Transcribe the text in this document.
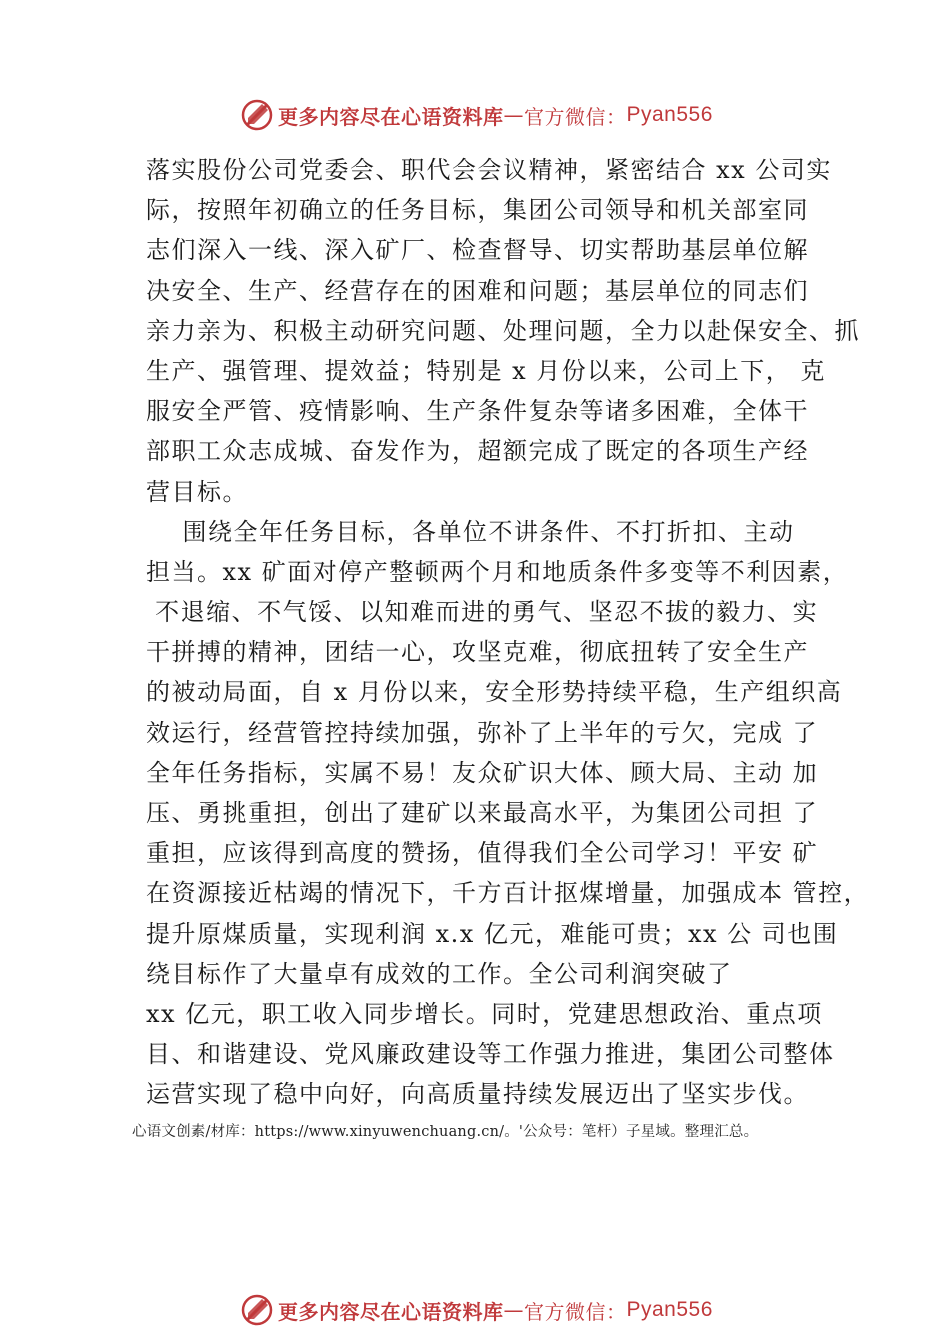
更多内容尽在心语资料库 — 官方微信： Pyan556
落实股份公司党委会、职代会会议精神，紧密结合 xx 公司实
际，按照年初确立的任务目标，集团公司领导和机关部室同
志们深入一线、深入矿厂、检查督导、切实帮助基层单位解
决安全、生产、经营存在的困难和问题；基层单位的同志们
亲力亲为、积极主动研究问题、处理问题，全力以赴保安全、抓
生产、强管理、提效益；特别是 x 月份以来，公司上下， 克
服安全严管、疫情影响、生产条件复杂等诸多困难，全体干
部职工众志成城、奋发作为，超额完成了既定的各项生产经
营目标。
围绕全年任务目标，各单位不讲条件、不打折扣、主动
担当。xx 矿面对停产整顿两个月和地质条件多变等不利因素，
不退缩、不气馁、以知难而进的勇气、坚忍不拔的毅力、实
干拼搏的精神，团结一心，攻坚克难，彻底扭转了安全生产
的被动局面，自 x 月份以来，安全形势持续平稳，生产组织高
效运行，经营管控持续加强，弥补了上半年的亏欠，完成 了
全年任务指标，实属不易！友众矿识大体、顾大局、主动 加
压、勇挑重担，创出了建矿以来最高水平，为集团公司担 了
重担，应该得到高度的赞扬，值得我们全公司学习！平安 矿
在资源接近枯竭的情况下，千方百计抠煤增量，加强成本 管控，
提升原煤质量，实现利润 x.x 亿元，难能可贵；xx 公 司也围
绕目标作了大量卓有成效的工作。全公司利润突破了
xx 亿元，职工收入同步增长。同时，党建思想政治、重点项
目、和谐建设、党风廉政建设等工作强力推进，集团公司整体
运营实现了稳中向好，向高质量持续发展迈出了坚实步伐。
心语文创素/材库：https://www.xinyuwenchuang.cn/。'公众号：笔杆）子星域。整理汇总。
更多内容尽在心语资料库 — 官方微信： Pyan556
